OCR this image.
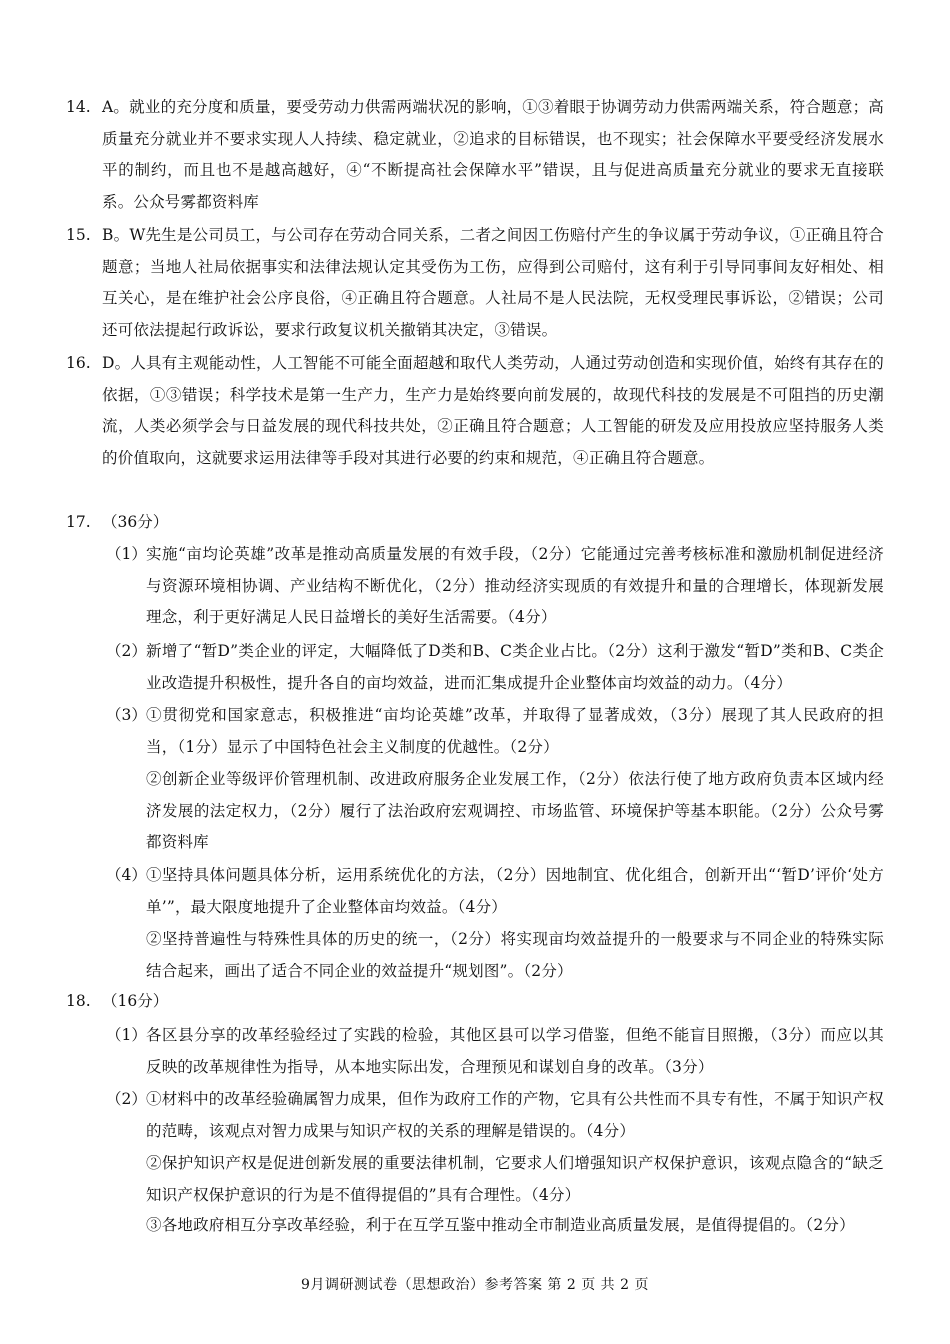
14. A。就业的充分度和质量，要受劳动力供需两端状况的影响，①③着眼于协调劳动力供需两端关系，符合题意；高质量充分就业并不要求实现人人持续、稳定就业，②追求的目标错误，也不现实；社会保障水平要受经济发展水平的制约，而且也不是越高越好，④“不断提高社会保障水平”错误，且与促进高质量充分就业的要求无直接联系。公众号雾都资料库
15. B。W先生是公司员工，与公司存在劳动合同关系，二者之间因工伤赔付产生的争议属于劳动争议，①正确且符合题意；当地人社局依据事实和法律法规认定其受伤为工伤，应得到公司赔付，这有利于引导同事间友好相处、相互关心，是在维护社会公序良俗，④正确且符合题意。人社局不是人民法院，无权受理民事诉讼，②错误；公司还可依法提起行政诉讼，要求行政复议机关撤销其决定，③错误。
16. D。人具有主观能动性，人工智能不可能全面超越和取代人类劳动，人通过劳动创造和实现价值，始终有其存在的依据，①③错误；科学技术是第一生产力，生产力是始终要向前发展的，故现代科技的发展是不可阻挡的历史潮流，人类必须学会与日益发展的现代科技共处，②正确且符合题意；人工智能的研发及应用投放应坚持服务人类的价值取向，这就要求运用法律等手段对其进行必要的约束和规范，④正确且符合题意。
17. （36分）
（1） 实施“亩均论英雄”改革是推动高质量发展的有效手段，（2分）它能通过完善考核标准和激励机制促进经济与资源环境相协调、产业结构不断优化，（2分）推动经济实现质的有效提升和量的合理增长，体现新发展理念，利于更好满足人民日益增长的美好生活需要。（4分）
（2） 新增了“暂D”类企业的评定，大幅降低了D类和B、C类企业占比。（2分）这利于激发“暂D”类和B、C类企业改造提升积极性，提升各自的亩均效益，进而汇集成提升企业整体亩均效益的动力。（4分）
（3） ①贯彻党和国家意志，积极推进“亩均论英雄”改革，并取得了显著成效，（3分）展现了其人民政府的担当，（1分）显示了中国特色社会主义制度的优越性。（2分）
②创新企业等级评价管理机制、改进政府服务企业发展工作，（2分）依法行使了地方政府负责本区域内经济发展的法定权力，（2分）履行了法治政府宏观调控、市场监管、环境保护等基本职能。（2分）公众号雾都资料库
（4） ①坚持具体问题具体分析，运用系统优化的方法，（2分）因地制宜、优化组合，创新开出“‘暂D’评价‘处方单’”，最大限度地提升了企业整体亩均效益。（4分）
②坚持普遍性与特殊性具体的历史的统一，（2分）将实现亩均效益提升的一般要求与不同企业的特殊实际结合起来，画出了适合不同企业的效益提升“规划图”。（2分）
18. （16分）
（1） 各区县分享的改革经验经过了实践的检验，其他区县可以学习借鉴，但绝不能盲目照搬，（3分）而应以其反映的改革规律性为指导，从本地实际出发，合理预见和谋划自身的改革。（3分）
（2） ①材料中的改革经验确属智力成果，但作为政府工作的产物，它具有公共性而不具专有性，不属于知识产权的范畴，该观点对智力成果与知识产权的关系的理解是错误的。（4分）
②保护知识产权是促进创新发展的重要法律机制，它要求人们增强知识产权保护意识，该观点隐含的“缺乏知识产权保护意识的行为是不值得提倡的”具有合理性。（4分）
③各地政府相互分享改革经验，利于在互学互鉴中推动全市制造业高质量发展，是值得提倡的。（2分）
9月调研测试卷（思想政治）参考答案 第 2 页 共 2 页
